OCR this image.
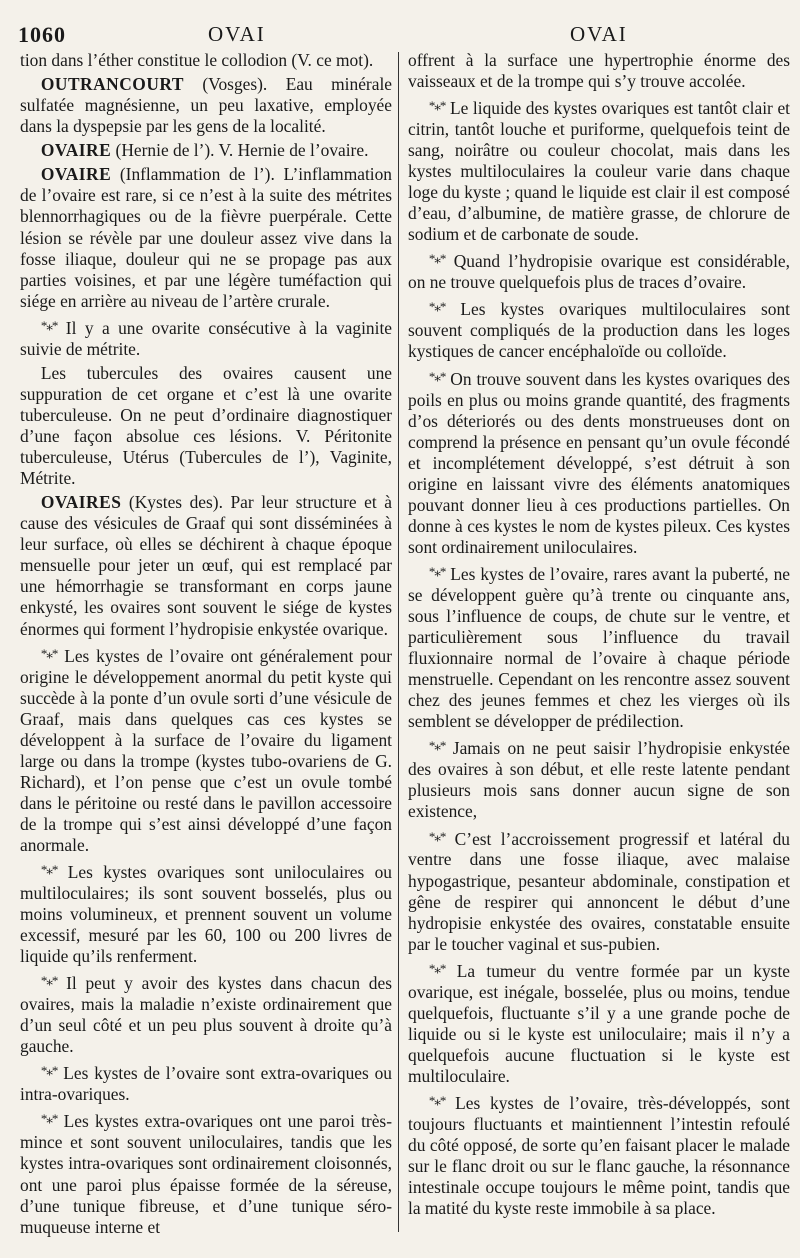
1060	OVAI	OVAI

tion dans l’éther constitue le collodion (V. ce mot).

OUTRANCOURT (Vosges). Eau minérale sulfatée magnésienne, un peu laxative, employée dans la dyspepsie par les gens de la localité.

OVAIRE (Hernie de l’). V. Hernie de l’ovaire.

OVAIRE (Inflammation de l’). L’inflammation de l’ovaire est rare, si ce n’est à la suite des métrites blennorrhagiques ou de la fièvre puerpérale. Cette lésion se révèle par une douleur assez vive dans la fosse iliaque, douleur qui ne se propage pas aux parties voisines, et par une légère tuméfaction qui siége en arrière au niveau de l’artère crurale.

*⁎* Il y a une ovarite consécutive à la vaginite suivie de métrite.

Les tubercules des ovaires causent une suppuration de cet organe et c’est là une ovarite tuberculeuse. On ne peut d’ordinaire diagnostiquer d’une façon absolue ces lésions. V. Péritonite tuberculeuse, Utérus (Tubercules de l’), Vaginite, Métrite.

OVAIRES (Kystes des). Par leur structure et à cause des vésicules de Graaf qui sont disséminées à leur surface, où elles se déchirent à chaque époque mensuelle pour jeter un œuf, qui est remplacé par une hémorrhagie se transformant en corps jaune enkysté, les ovaires sont souvent le siége de kystes énormes qui forment l’hydropisie enkystée ovarique.

*⁎* Les kystes de l’ovaire ont généralement pour origine le développement anormal du petit kyste qui succède à la ponte d’un ovule sorti d’une vésicule de Graaf, mais dans quelques cas ces kystes se développent à la surface de l’ovaire du ligament large ou dans la trompe (kystes tubo-ovariens de G. Richard), et l’on pense que c’est un ovule tombé dans le péritoine ou resté dans le pavillon accessoire de la trompe qui s’est ainsi développé d’une façon anormale.

*⁎* Les kystes ovariques sont uniloculaires ou multiloculaires; ils sont souvent bosselés, plus ou moins volumineux, et prennent souvent un volume excessif, mesuré par les 60, 100 ou 200 livres de liquide qu’ils renferment.

*⁎* Il peut y avoir des kystes dans chacun des ovaires, mais la maladie n’existe ordinairement que d’un seul côté et un peu plus souvent à droite qu’à gauche.

*⁎* Les kystes de l’ovaire sont extra-ovariques ou intra-ovariques.

*⁎* Les kystes extra-ovariques ont une paroi très-mince et sont souvent uniloculaires, tandis que les kystes intra-ovariques sont ordinairement cloisonnés, ont une paroi plus épaisse formée de la séreuse, d’une tunique fibreuse, et d’une tunique séro-muqueuse interne et

offrent à la surface une hypertrophie énorme des vaisseaux et de la trompe qui s’y trouve accolée.

*⁎* Le liquide des kystes ovariques est tantôt clair et citrin, tantôt louche et puriforme, quelquefois teint de sang, noirâtre ou couleur chocolat, mais dans les kystes multiloculaires la couleur varie dans chaque loge du kyste ; quand le liquide est clair il est composé d’eau, d’albumine, de matière grasse, de chlorure de sodium et de carbonate de soude.

*⁎* Quand l’hydropisie ovarique est considérable, on ne trouve quelquefois plus de traces d’ovaire.

*⁎* Les kystes ovariques multiloculaires sont souvent compliqués de la production dans les loges kystiques de cancer encéphaloïde ou colloïde.

*⁎* On trouve souvent dans les kystes ovariques des poils en plus ou moins grande quantité, des fragments d’os déteriorés ou des dents monstrueuses dont on comprend la présence en pensant qu’un ovule fécondé et incomplétement développé, s’est détruit à son origine en laissant vivre des éléments anatomiques pouvant donner lieu à ces productions partielles. On donne à ces kystes le nom de kystes pileux. Ces kystes sont ordinairement uniloculaires.

*⁎* Les kystes de l’ovaire, rares avant la puberté, ne se développent guère qu’à trente ou cinquante ans, sous l’influence de coups, de chute sur le ventre, et particulièrement sous l’influence du travail fluxionnaire normal de l’ovaire à chaque période menstruelle. Cependant on les rencontre assez souvent chez des jeunes femmes et chez les vierges où ils semblent se développer de prédilection.

*⁎* Jamais on ne peut saisir l’hydropisie enkystée des ovaires à son début, et elle reste latente pendant plusieurs mois sans donner aucun signe de son existence,

*⁎* C’est l’accroissement progressif et latéral du ventre dans une fosse iliaque, avec malaise hypogastrique, pesanteur abdominale, constipation et gêne de respirer qui annoncent le début d’une hydropisie enkystée des ovaires, constatable ensuite par le toucher vaginal et sus-pubien.

*⁎* La tumeur du ventre formée par un kyste ovarique, est inégale, bosselée, plus ou moins, tendue quelquefois, fluctuante s’il y a une grande poche de liquide ou si le kyste est uniloculaire; mais il n’y a quelquefois aucune fluctuation si le kyste est multiloculaire.

*⁎* Les kystes de l’ovaire, très-développés, sont toujours fluctuants et maintiennent l’intestin refoulé du côté opposé, de sorte qu’en faisant placer le malade sur le flanc droit ou sur le flanc gauche, la résonnance intestinale occupe toujours le même point, tandis que la matité du kyste reste immobile à sa place.
